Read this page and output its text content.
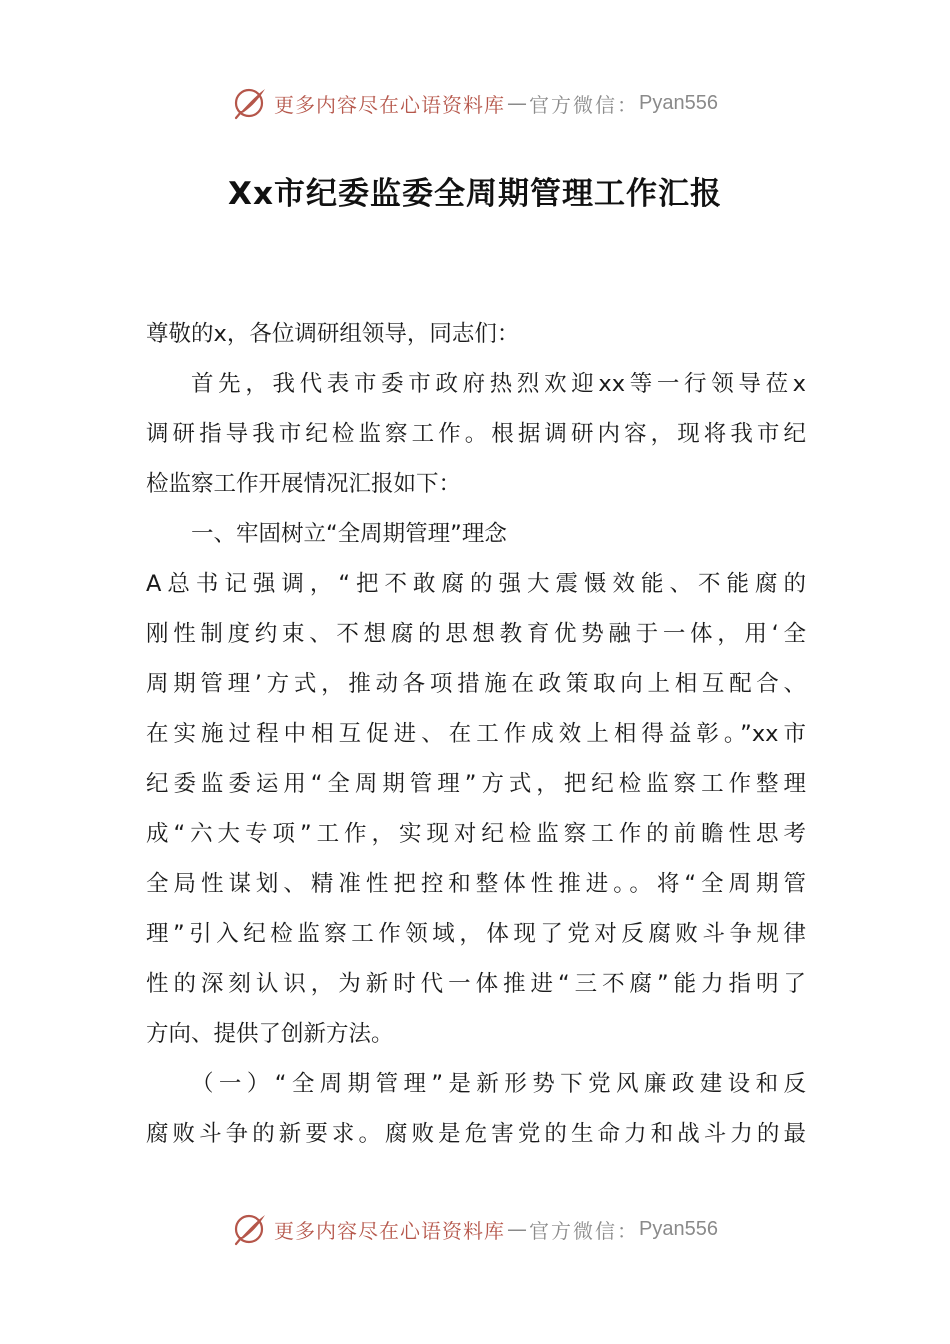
更多内容尽在心语资料库 — 官方微信： Pyan556
Xx市纪委监委全周期管理工作汇报
尊敬的x，各位调研组领导，同志们：
首先，我代表市委市政府热烈欢迎xx等一行领导莅x
调研指导我市纪检监察工作。根据调研内容，现将我市纪
检监察工作开展情况汇报如下：
一、牢固树立“全周期管理”理念
A总书记强调，“把不敢腐的强大震慑效能、不能腐的
刚性制度约束、不想腐的思想教育优势融于一体，用‘全
周期管理’方式，推动各项措施在政策取向上相互配合、
在实施过程中相互促进、在工作成效上相得益彰。”xx市
纪委监委运用“全周期管理”方式，把纪检监察工作整理
成“六大专项”工作，实现对纪检监察工作的前瞻性思考
全局性谋划、精准性把控和整体性推进。。将“全周期管
理”引入纪检监察工作领域，体现了党对反腐败斗争规律
性的深刻认识，为新时代一体推进“三不腐”能力指明了
方向、提供了创新方法。
（一）“全周期管理”是新形势下党风廉政建设和反
腐败斗争的新要求。腐败是危害党的生命力和战斗力的最
更多内容尽在心语资料库 — 官方微信： Pyan556
